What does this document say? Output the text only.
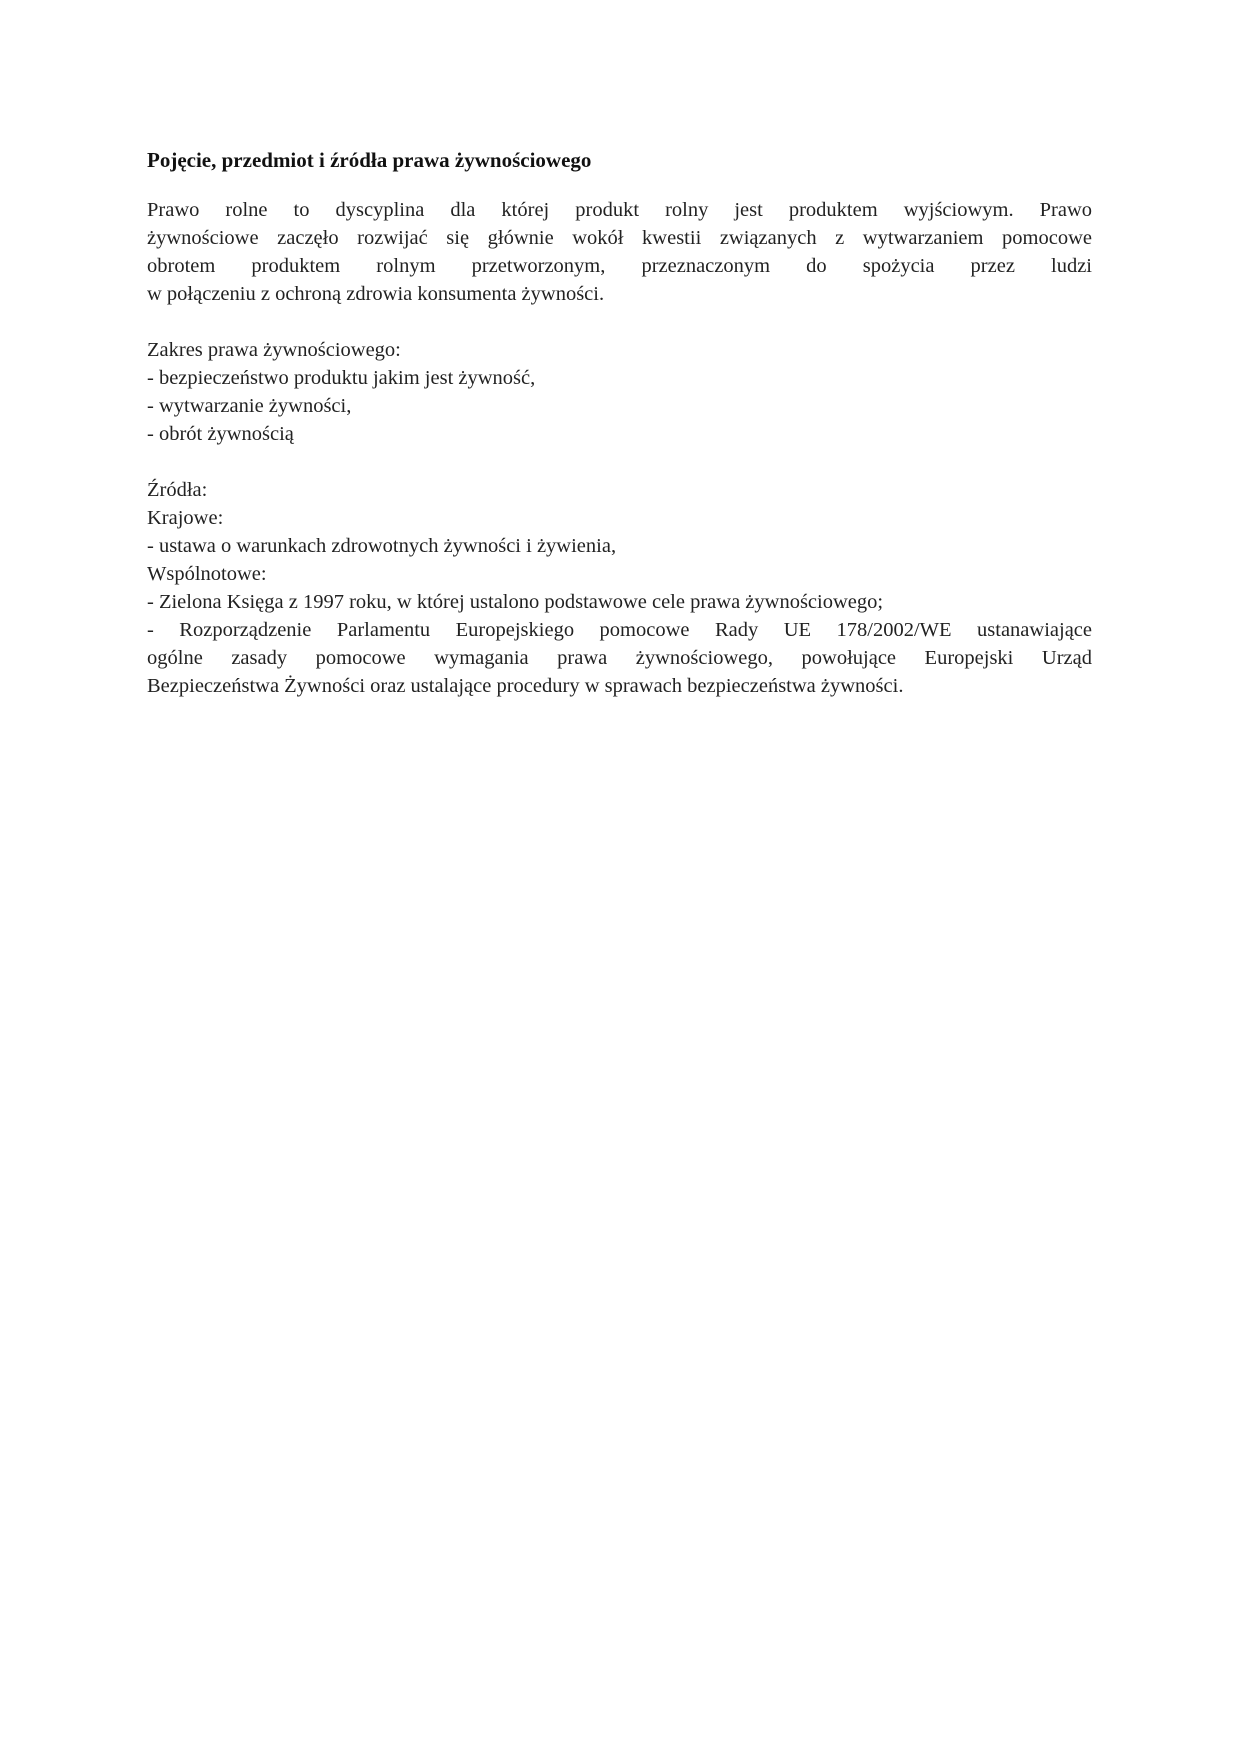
Pojęcie, przedmiot i źródła prawa żywnościowego
Prawo rolne to dyscyplina dla której produkt rolny jest produktem wyjściowym. Prawo
żywnościowe zaczęło rozwijać się głównie wokół kwestii związanych z wytwarzaniem pomocowe
obrotem produktem rolnym przetworzonym, przeznaczonym do spożycia przez ludzi
w połączeniu z ochroną zdrowia konsumenta żywności.
Zakres prawa żywnościowego:
- bezpieczeństwo produktu jakim jest żywność,
- wytwarzanie żywności,
- obrót żywnością
Źródła:
Krajowe:
- ustawa o warunkach zdrowotnych żywności i żywienia,
Wspólnotowe:
- Zielona Księga z 1997 roku, w której ustalono podstawowe cele prawa żywnościowego;
- Rozporządzenie Parlamentu Europejskiego pomocowe Rady UE 178/2002/WE ustanawiające
ogólne zasady pomocowe wymagania prawa żywnościowego, powołujące Europejski Urząd
Bezpieczeństwa Żywności oraz ustalające procedury w sprawach bezpieczeństwa żywności.
